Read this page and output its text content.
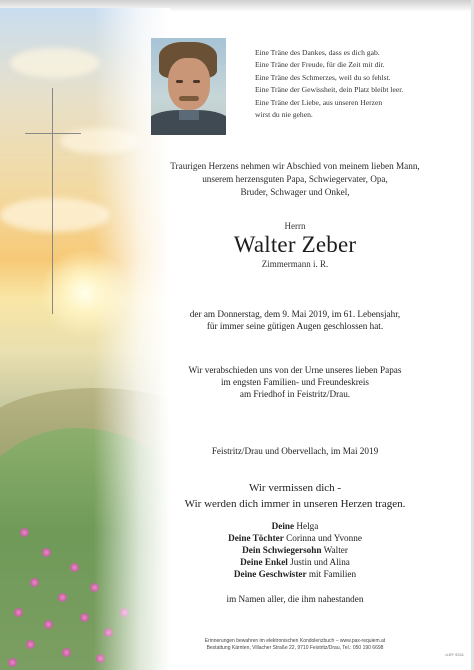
Eine Träne des Dankes, dass es dich gab.
Eine Träne der Freude, für die Zeit mit dir.
Eine Träne des Schmerzes, weil du so fehlst.
Eine Träne der Gewissheit, dein Platz bleibt leer.
Eine Träne der Liebe, aus unseren Herzen
wirst du nie gehen.
Traurigen Herzens nehmen wir Abschied von meinem lieben Mann,
unserem herzensguten Papa, Schwiegervater, Opa,
Bruder, Schwager und Onkel,
Herrn
Walter Zeber
Zimmermann i. R.
der am Donnerstag, dem 9. Mai 2019, im 61. Lebensjahr,
für immer seine gütigen Augen geschlossen hat.
Wir verabschieden uns von der Urne unseres lieben Papas
im engsten Familien- und Freundeskreis
am Friedhof in Feistritz/Drau.
Feistritz/Drau und Obervellach, im Mai 2019
Wir vermissen dich -
Wir werden dich immer in unseren Herzen tragen.
Deine Helga
Deine Töchter Corinna und Yvonne
Dein Schwiegersohn Walter
Deine Enkel Justin und Alina
Deine Geschwister mit Familien
im Namen aller, die ihm nahestanden
Erinnerungen bewahren im elektronischen Kondolenzbuch – www.pax-requiem.at
Bestattung Kärnten, Villacher Straße 22, 9710 Feistritz/Drau, Tel.: 050 190 6698
d-EF 9241
